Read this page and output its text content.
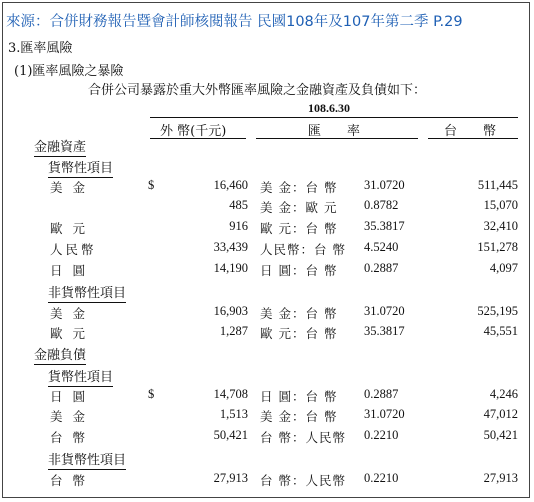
來源：合併財務報告暨會計師核閱報告 民國108年及107年第二季 P.29
3.匯率風險
(1)匯率風險之暴險
合併公司暴露於重大外幣匯率風險之金融資產及負債如下：
108.6.30
外 幣(千元)	匯　　率	台　　幣
金融資產
貨幣性項目
美 金	$	16,460 美 金：台 幣 31.0720	511,445
485 美 金：歐 元 0.8782	15,070
歐 元	916 歐 元：台 幣 35.3817	32,410
人民幣	33,439 人民幣：台 幣 4.5240	151,278
日 圓	14,190 日 圓：台 幣 0.2887	4,097
非貨幣性項目
美 金	16,903 美 金：台 幣 31.0720	525,195
歐 元	1,287 歐 元：台 幣 35.3817	45,551
金融負債
貨幣性項目
日 圓	$	14,708 日 圓：台 幣 0.2887	4,246
美 金	1,513 美 金：台 幣 31.0720	47,012
台 幣	50,421 台 幣：人民幣 0.2210	50,421
非貨幣性項目
台 幣	27,913 台 幣：人民幣 0.2210	27,913
